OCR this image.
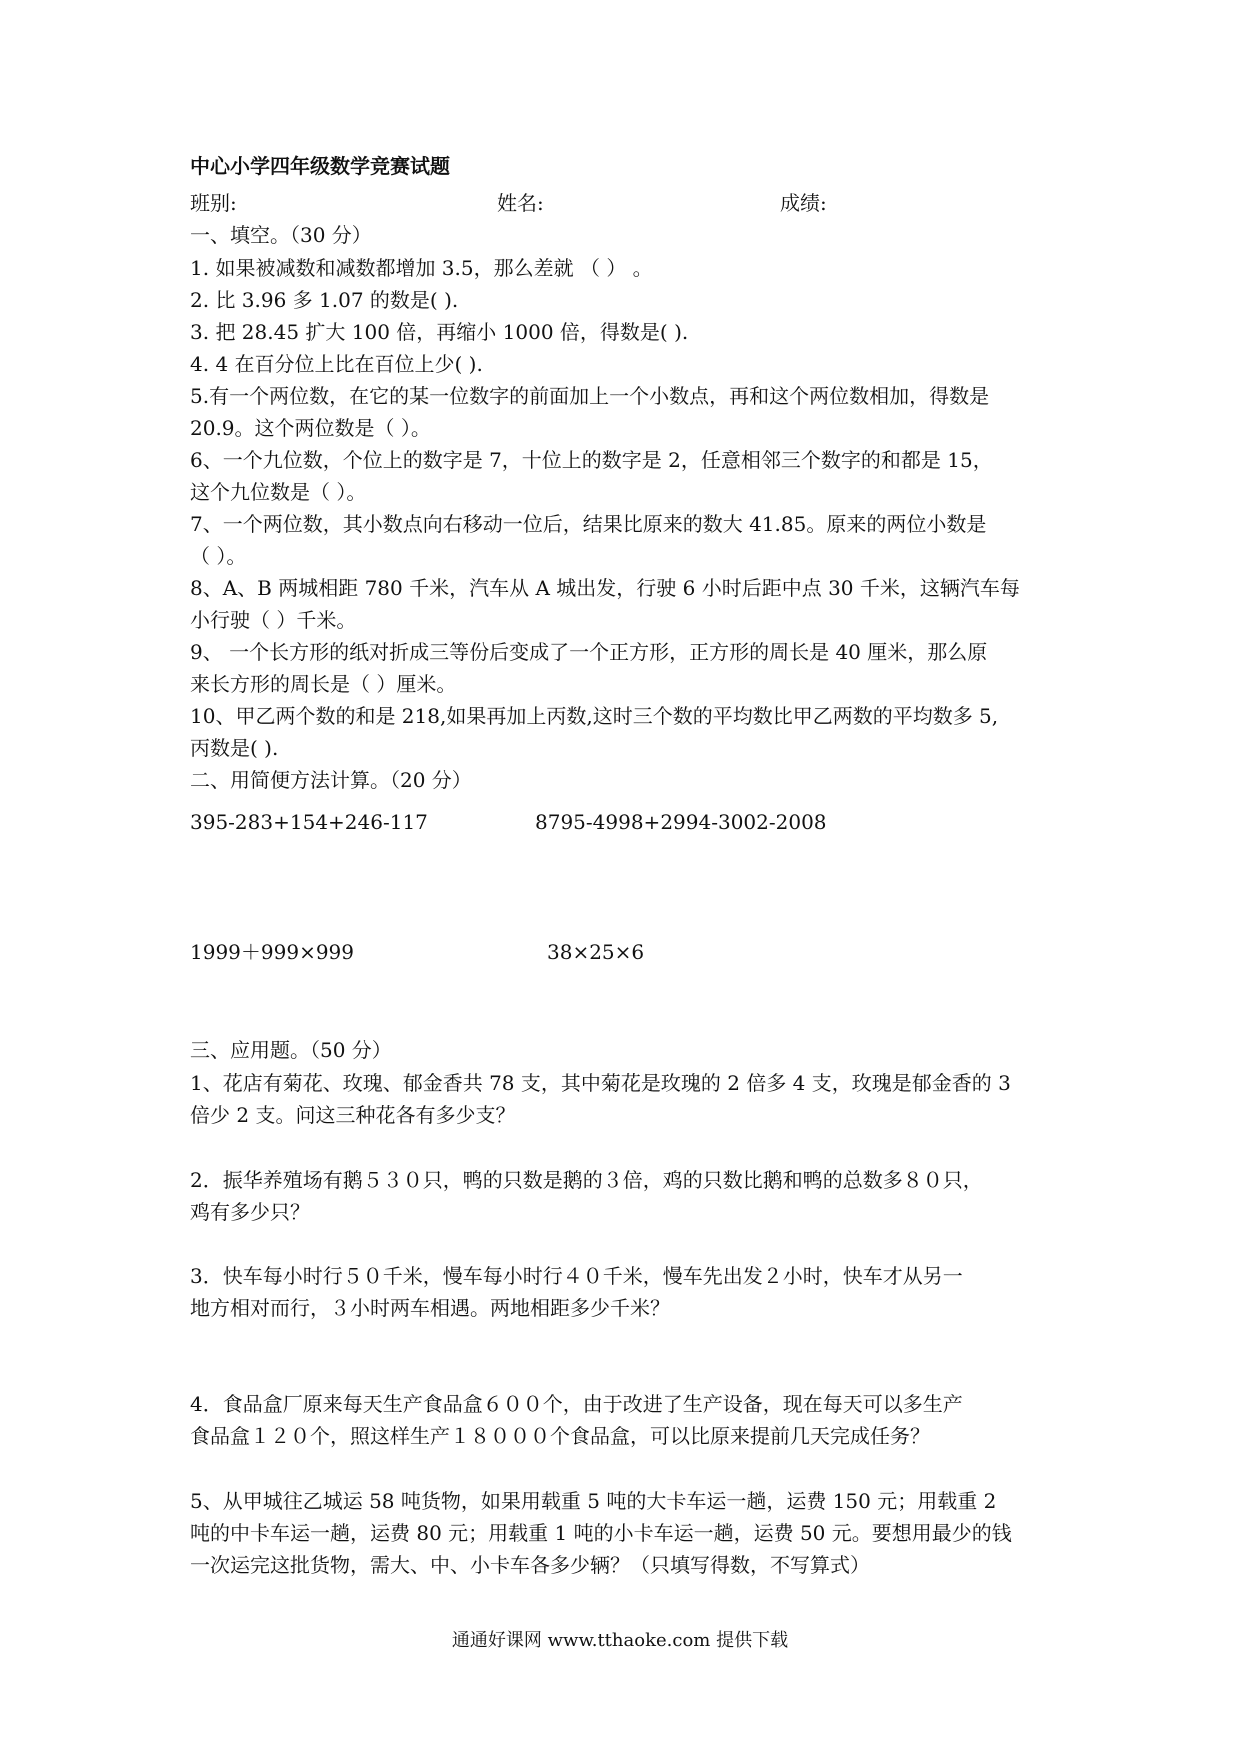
中心小学四年级数学竞赛试题
班别:	姓名:	成绩:
一、填空。（30 分）
1. 如果被减数和减数都增加 3.5，那么差就 （ ） 。
2. 比 3.96 多 1.07 的数是( ).
3. 把 28.45 扩大 100 倍，再缩小 1000 倍，得数是( ).
4. 4 在百分位上比在百位上少( ).
5.有一个两位数，在它的某一位数字的前面加上一个小数点，再和这个两位数相加，得数是
20.9。这个两位数是（ ）。
6、一个九位数，个位上的数字是 7，十位上的数字是 2，任意相邻三个数字的和都是 15，
这个九位数是（ ）。
7、一个两位数，其小数点向右移动一位后，结果比原来的数大 41.85。原来的两位小数是
（ ）。
8、A、B 两城相距 780 千米，汽车从 A 城出发，行驶 6 小时后距中点 30 千米，这辆汽车每
小行驶（ ）千米。
9、 一个长方形的纸对折成三等份后变成了一个正方形，正方形的周长是 40 厘米，那么原
来长方形的周长是（ ）厘米。
10、甲乙两个数的和是 218,如果再加上丙数,这时三个数的平均数比甲乙两数的平均数多 5,
丙数是( ).
二、用简便方法计算。（20 分）
395-283+154+246-117	8795-4998+2994-3002-2008
1999＋999×999	38×25×6
三、应用题。（50 分）
1、花店有菊花、玫瑰、郁金香共 78 支，其中菊花是玫瑰的 2 倍多 4 支，玫瑰是郁金香的 3
倍少 2 支。问这三种花各有多少支？
2．振华养殖场有鹅５３０只，鸭的只数是鹅的３倍，鸡的只数比鹅和鸭的总数多８０只，
鸡有多少只？
3．快车每小时行５０千米，慢车每小时行４０千米，慢车先出发２小时，快车才从另一
地方相对而行，３小时两车相遇。两地相距多少千米？
4．食品盒厂原来每天生产食品盒６００个，由于改进了生产设备，现在每天可以多生产
食品盒１２０个，照这样生产１８０００个食品盒，可以比原来提前几天完成任务？
5、从甲城往乙城运 58 吨货物，如果用载重 5 吨的大卡车运一趟，运费 150 元；用载重 2
吨的中卡车运一趟，运费 80 元；用载重 1 吨的小卡车运一趟，运费 50 元。要想用最少的钱
一次运完这批货物，需大、中、小卡车各多少辆？（只填写得数，不写算式）
通通好课网 www.tthaoke.com 提供下载
